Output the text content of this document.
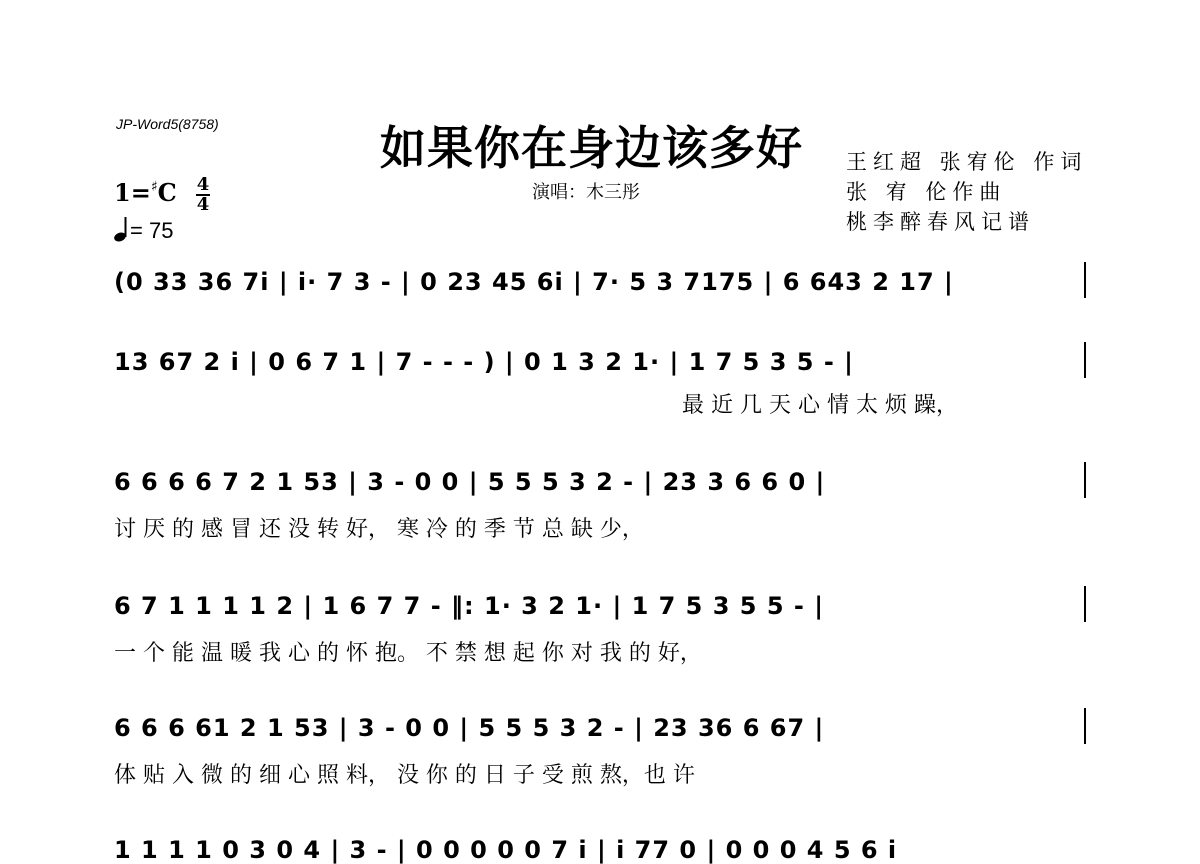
JP-Word5(8758)	如果你在身边该多好
演唱：木三彤
王红超 张宥伦 作词
张 宥 伦作曲
桃李醉春风记谱
1=♯C 4
4
= 75
(0 33 36 7i | i· 7 3 - | 0 23 45 6i | 7· 5 3 7175 | 6 643 2 17 |
13 67 2 i | 0 6 7 1 | 7 - - - ) | 0 1 3 2 1· | 1 7 5 3 5 - |
最 近 几 天 心 情 太 烦 躁，
6 6 6 6 7 2 1 53 | 3 - 0 0 | 5 5 5 3 2 - | 23 3 6 6 0 |
讨 厌 的 感 冒 还 没 转 好， 寒 冷 的 季 节 总 缺 少，
6 7 1 1 1 1 2 | 1 6 7 7 - ‖: 1· 3 2 1· | 1 7 5 3 5 5 - |
一 个 能 温 暖 我 心 的 怀 抱。 不 禁 想 起 你 对 我 的 好，
6 6 6 61 2 1 53 | 3 - 0 0 | 5 5 5 3 2 - | 23 36 6 67 |
体 贴 入 微 的 细 心 照 料， 没 你 的 日 子 受 煎 熬，也 许
1 1 1 1 0 3 0 4 | 3 - | 0 0 0 0 0 7 i | i 77 0 | 0 0 0 4 5 6 i
